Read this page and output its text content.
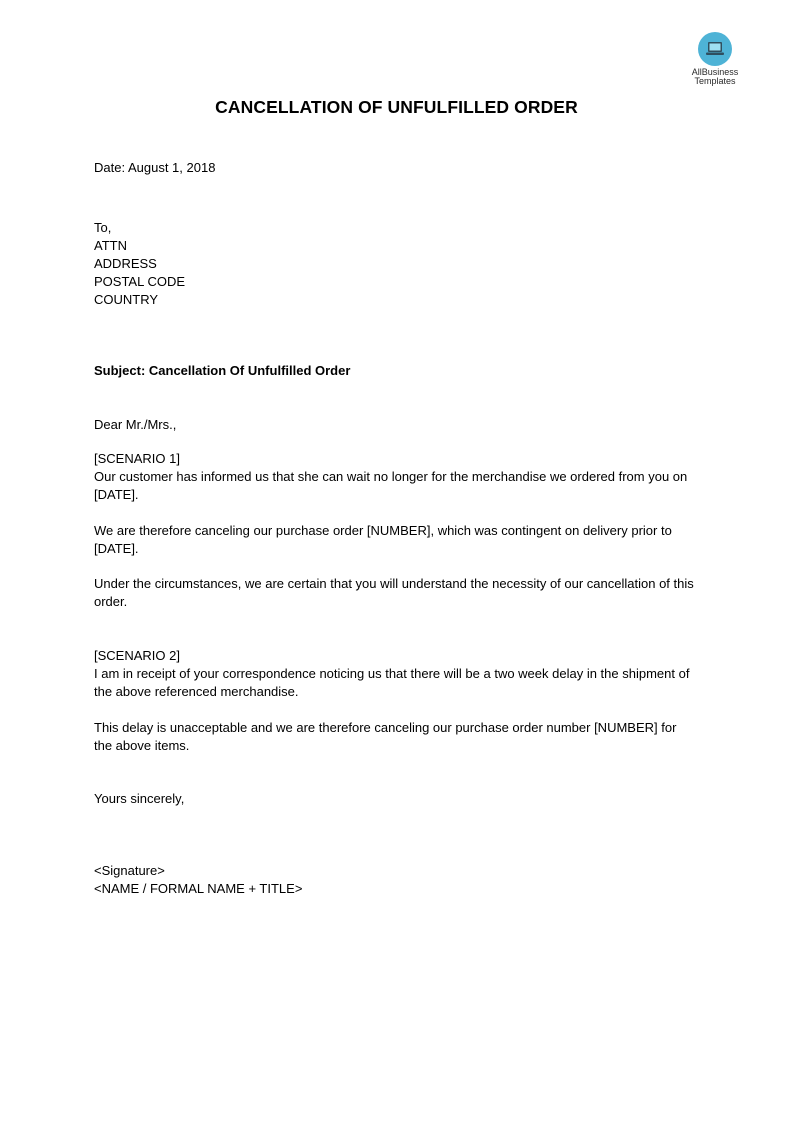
AllBusiness
Templates
CANCELLATION OF UNFULFILLED ORDER
Date: August 1, 2018
To,
ATTN
ADDRESS
POSTAL CODE
COUNTRY
Subject: Cancellation Of Unfulfilled Order
Dear Mr./Mrs.,
[SCENARIO 1]
Our customer has informed us that she can wait no longer for the merchandise we ordered from you on [DATE].
We are therefore canceling our purchase order [NUMBER], which was contingent on delivery prior to [DATE].
Under the circumstances, we are certain that you will understand the necessity of our cancellation of this order.
[SCENARIO 2]
I am in receipt of your correspondence noticing us that there will be a two week delay in the shipment of the above referenced merchandise.
This delay is unacceptable and we are therefore canceling our purchase order number [NUMBER] for the above items.
Yours sincerely,
<Signature>
<NAME / FORMAL NAME + TITLE>
